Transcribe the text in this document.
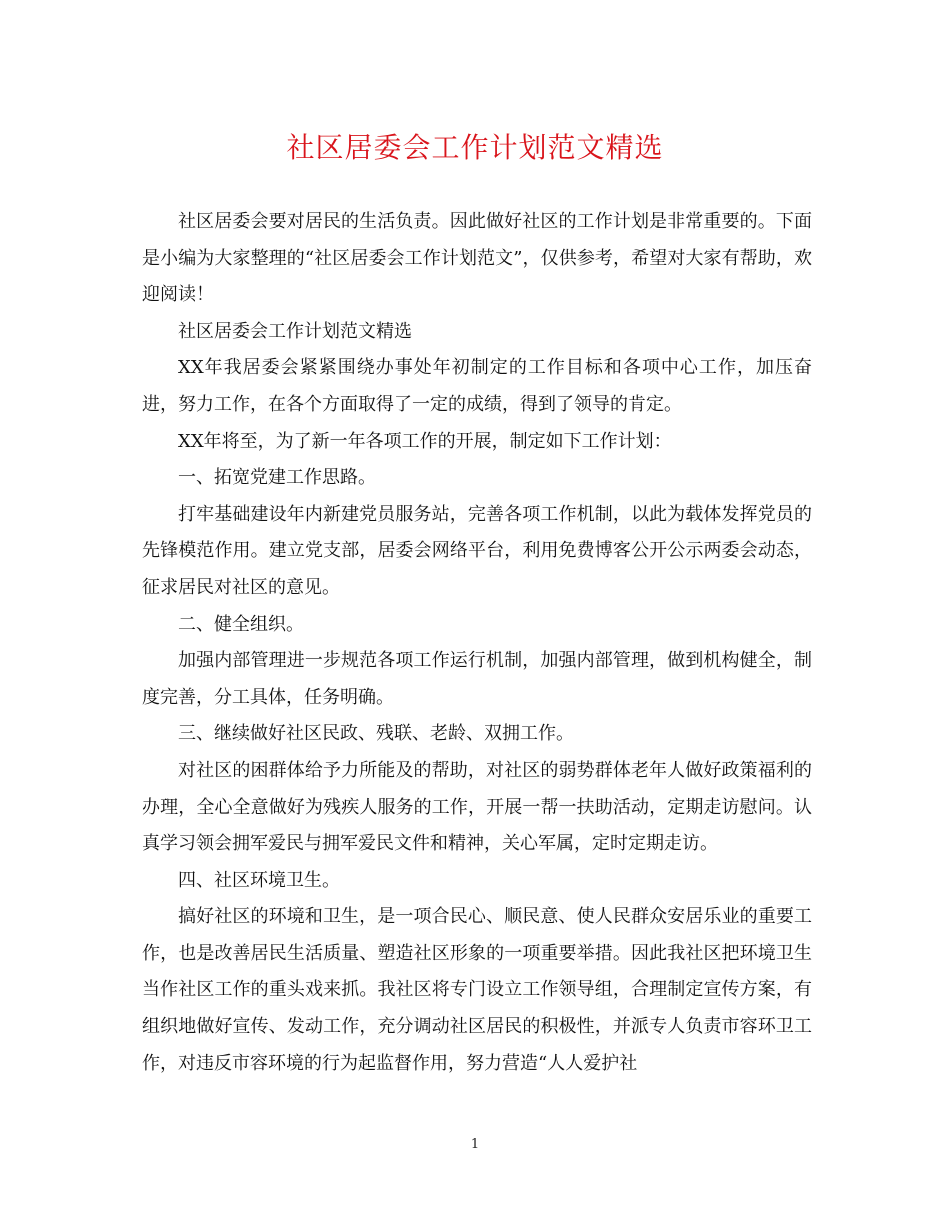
社区居委会工作计划范文精选

社区居委会要对居民的生活负责。因此做好社区的工作计划是非常重要的。下面是小编为大家整理的“社区居委会工作计划范文”，仅供参考，希望对大家有帮助，欢迎阅读！

社区居委会工作计划范文精选

XX年我居委会紧紧围绕办事处年初制定的工作目标和各项中心工作，加压奋进，努力工作，在各个方面取得了一定的成绩，得到了领导的肯定。

XX年将至，为了新一年各项工作的开展，制定如下工作计划：

一、拓宽党建工作思路。

打牢基础建设年内新建党员服务站，完善各项工作机制，以此为载体发挥党员的先锋模范作用。建立党支部，居委会网络平台，利用免费博客公开公示两委会动态，征求居民对社区的意见。

二、健全组织。

加强内部管理进一步规范各项工作运行机制，加强内部管理，做到机构健全，制度完善，分工具体，任务明确。

三、继续做好社区民政、残联、老龄、双拥工作。

对社区的困群体给予力所能及的帮助，对社区的弱势群体老年人做好政策福利的办理，全心全意做好为残疾人服务的工作，开展一帮一扶助活动，定期走访慰问。认真学习领会拥军爱民与拥军爱民文件和精神，关心军属，定时定期走访。

四、社区环境卫生。

搞好社区的环境和卫生，是一项合民心、顺民意、使人民群众安居乐业的重要工作，也是改善居民生活质量、塑造社区形象的一项重要举措。因此我社区把环境卫生当作社区工作的重头戏来抓。我社区将专门设立工作领导组，合理制定宣传方案，有组织地做好宣传、发动工作，充分调动社区居民的积极性，并派专人负责市容环卫工作，对违反市容环境的行为起监督作用，努力营造“人人爱护社

1
